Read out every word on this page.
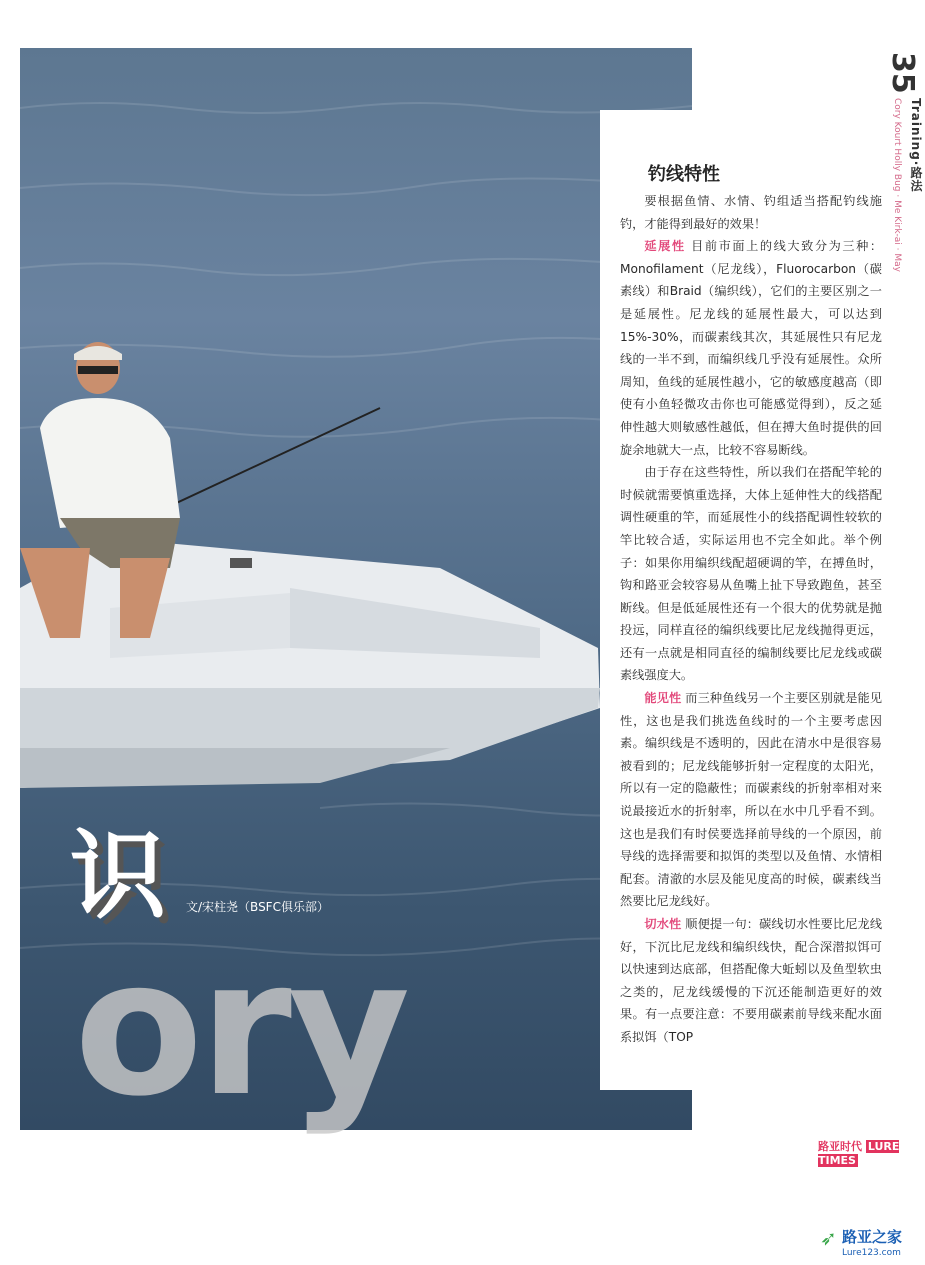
35
Training·路法
Cory Kourt Holly Bug · Me Kirk-ai · May
钓线特性

要根据鱼情、水情、钓组适当搭配钓线施钓，才能得到最好的效果！

延展性 目前市面上的线大致分为三种：Monofilament（尼龙线），Fluorocarbon（碳素线）和Braid（编织线），它们的主要区别之一是延展性。尼龙线的延展性最大，可以达到15%-30%，而碳素线其次，其延展性只有尼龙线的一半不到，而编织线几乎没有延展性。众所周知，鱼线的延展性越小，它的敏感度越高（即使有小鱼轻微攻击你也可能感觉得到），反之延伸性越大则敏感性越低，但在搏大鱼时提供的回旋余地就大一点，比较不容易断线。

由于存在这些特性，所以我们在搭配竿轮的时候就需要慎重选择，大体上延伸性大的线搭配调性硬重的竿，而延展性小的线搭配调性较软的竿比较合适，实际运用也不完全如此。举个例子：如果你用编织线配超硬调的竿，在搏鱼时，钩和路亚会较容易从鱼嘴上扯下导致跑鱼，甚至断线。但是低延展性还有一个很大的优势就是抛投远，同样直径的编织线要比尼龙线抛得更远，还有一点就是相同直径的编制线要比尼龙线或碳素线强度大。

能见性 而三种鱼线另一个主要区别就是能见性，这也是我们挑选鱼线时的一个主要考虑因素。编织线是不透明的，因此在清水中是很容易被看到的；尼龙线能够折射一定程度的太阳光，所以有一定的隐蔽性；而碳素线的折射率相对来说最接近水的折射率，所以在水中几乎看不到。这也是我们有时侯要选择前导线的一个原因，前导线的选择需要和拟饵的类型以及鱼情、水情相配套。清澈的水层及能见度高的时候，碳素线当然要比尼龙线好。

切水性 顺便提一句：碳线切水性要比尼龙线好，下沉比尼龙线和编织线快，配合深潜拟饵可以快速到达底部，但搭配像大蚯蚓以及鱼型软虫之类的，尼龙线缓慢的下沉还能制造更好的效果。有一点要注意：不要用碳素前导线来配水面系拟饵（TOP

识 文/宋柱尧（BSFC俱乐部）
ory
路亚时代 LURE TIMES
➶ 路亚之家
Lure123.com
